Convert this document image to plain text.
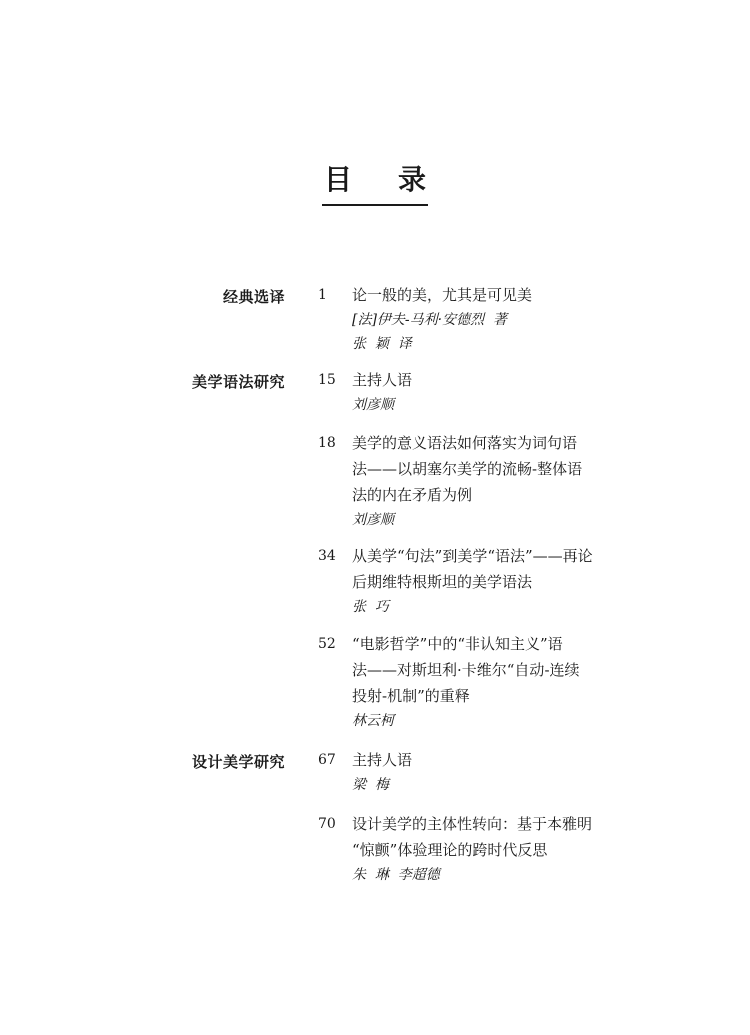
目 录
经典选译 1	论一般的美，尤其是可见美
[法]伊夫-马利·安德烈  著
张  颖  译
美学语法研究 15	主持人语
刘彦顺
18	美学的意义语法如何落实为词句语
法——以胡塞尔美学的流畅-整体语
法的内在矛盾为例
刘彦顺
34	从美学“句法”到美学“语法”——再论
后期维特根斯坦的美学语法
张  巧
52	“电影哲学”中的“非认知主义”语
法——对斯坦利·卡维尔“自动-连续
投射-机制”的重释
林云柯
设计美学研究 67	主持人语
梁  梅
70	设计美学的主体性转向：基于本雅明
“惊颤”体验理论的跨时代反思
朱  琳  李超德
